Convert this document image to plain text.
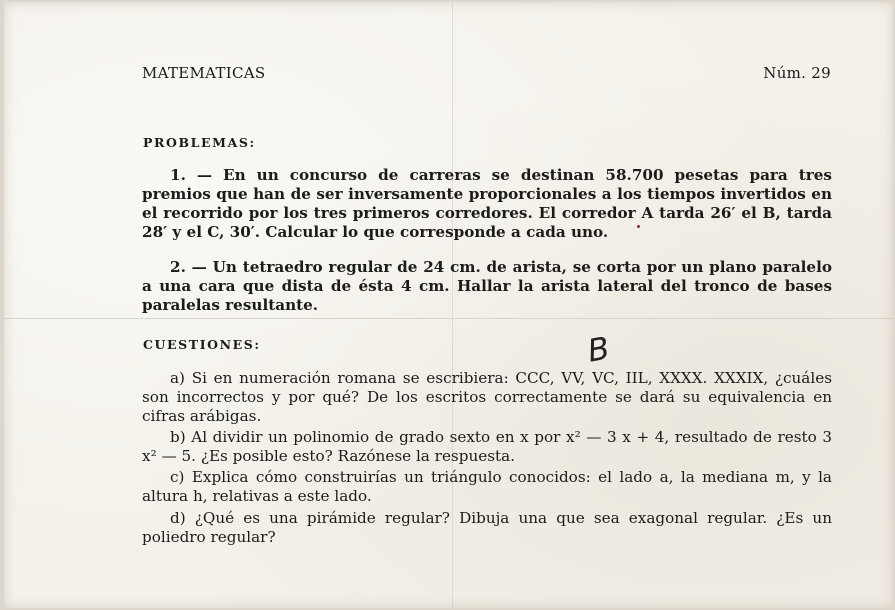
MATEMATICAS	Núm. 29
PROBLEMAS:
1. — En un concurso de carreras se destinan 58.700 pesetas para tres premios que han de ser inversamente proporcionales a los tiempos invertidos en el recorrido por los tres primeros corredores. El corredor A tarda 26′ el B, tarda 28′ y el C, 30′. Calcular lo que corresponde a cada uno.
2. — Un tetraedro regular de 24 cm. de arista, se corta por un plano paralelo a una cara que dista de ésta 4 cm. Hallar la arista lateral del tronco de bases paralelas resultante.
CUESTIONES:	B
a) Si en numeración romana se escribiera: CCC, VV, VC, IIL, XXXX. XXXIX, ¿cuáles son incorrectos y por qué? De los escritos correctamente se dará su equivalencia en cifras arábigas.
b) Al dividir un polinomio de grado sexto en x por x² — 3 x + 4, resultado de resto 3 x² — 5. ¿Es posible esto? Razónese la respuesta.
c) Explica cómo construirías un triángulo conocidos: el lado a, la mediana m, y la altura h, relativas a este lado.
d) ¿Qué es una pirámide regular? Dibuja una que sea exagonal regular. ¿Es un poliedro regular?
